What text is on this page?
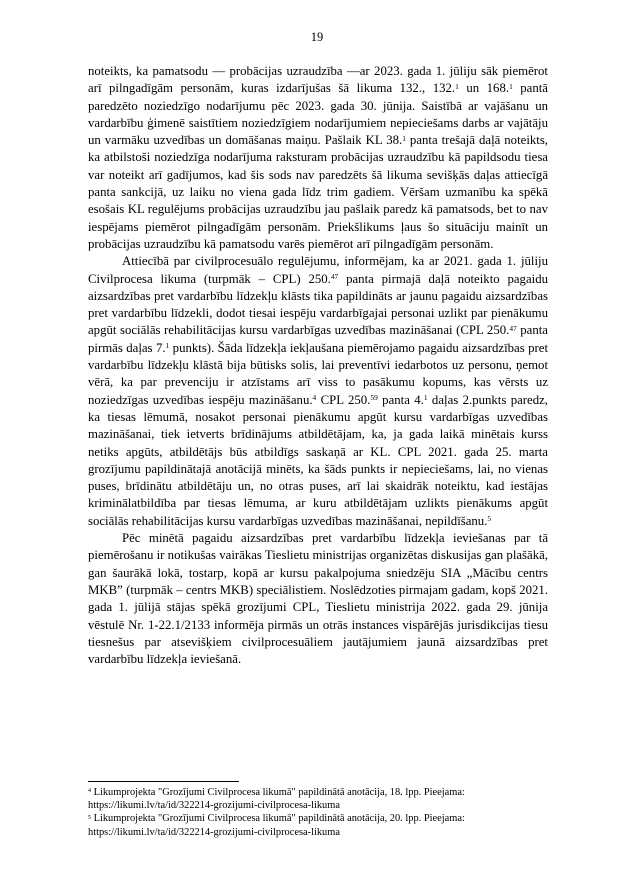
19

noteikts, ka pamatsodu — probācijas uzraudzība —ar 2023. gada 1. jūliju sāk piemērot arī pilngadīgām personām, kuras izdarījušas šā likuma 132., 132.$^1$ un 168.$^1$ pantā paredzēto noziedzīgo nodarījumu pēc 2023. gada 30. jūnija. Saistībā ar vajāšanu un vardarbību ģimenē saistītiem noziedzīgiem nodarījumiem nepieciešams darbs ar vajātāju un varmāku uzvedības un domāšanas maiņu. Pašlaik KL 38.$^1$ panta trešajā daļā noteikts, ka atbilstoši noziedzīga nodarījuma raksturam probācijas uzraudzību kā papildsodu tiesa var noteikt arī gadījumos, kad šis sods nav paredzēts šā likuma sevišķās daļas attiecīgā panta sankcijā, uz laiku no viena gada līdz trim gadiem. Vēršam uzmanību ka spēkā esošais KL regulējums probācijas uzraudzību jau pašlaik paredz kā pamatsods, bet to nav iespējams piemērot pilngadīgām personām. Priekšlikums ļaus šo situāciju mainīt un probācijas uzraudzību kā pamatsodu varēs piemērot arī pilngadīgām personām.

Attiecībā par civilprocesuālo regulējumu, informējam, ka ar 2021. gada 1. jūliju Civilprocesa likuma (turpmāk – CPL) 250.47 panta pirmajā daļā noteikto pagaidu aizsardzības pret vardarbību līdzekļu klāsts tika papildināts ar jaunu pagaidu aizsardzības pret vardarbību līdzekli, dodot tiesai iespēju vardarbīgajai personai uzlikt par pienākumu apgūt sociālās rehabilitācijas kursu vardarbīgas uzvedības mazināšanai (CPL 250.47 panta pirmās daļas 7.$^1$ punkts). Šāda līdzekļa iekļaušana piemērojamo pagaidu aizsardzības pret vardarbību līdzekļu klāstā bija būtisks solis, lai preventīvi iedarbotos uz personu, ņemot vērā, ka par prevenciju ir atzīstams arī viss to pasākumu kopums, kas vērsts uz noziedzīgas uzvedības iespēju mazināšanu.$^4$ CPL 250.59 panta 4.$^1$ daļas 2.punkts paredz, ka tiesas lēmumā, nosakot personai pienākumu apgūt kursu vardarbīgas uzvedības mazināšanai, tiek ietverts brīdinājums atbildētājam, ka, ja gada laikā minētais kurss netiks apgūts, atbildētājs būs atbildīgs saskaņā ar KL. CPL 2021. gada 25. marta grozījumu papildinātajā anotācijā minēts, ka šāds punkts ir nepieciešams, lai, no vienas puses, brīdinātu atbildētāju un, no otras puses, arī lai skaidrāk noteiktu, kad iestājas kriminālatbildība par tiesas lēmuma, ar kuru atbildētājam uzlikts pienākums apgūt sociālās rehabilitācijas kursu vardarbīgas uzvedības mazināšanai, nepildīšanu.$^5$

Pēc minētā pagaidu aizsardzības pret vardarbību līdzekļa ieviešanas par tā piemērošanu ir notikušas vairākas Tieslietu ministrijas organizētas diskusijas gan plašākā, gan šaurākā lokā, tostarp, kopā ar kursu pakalpojuma sniedzēju SIA „Mācību centrs MKB” (turpmāk – centrs MKB) speciālistiem. Noslēdzoties pirmajam gadam, kopš 2021. gada 1. jūlijā stājas spēkā grozījumi CPL, Tieslietu ministrija 2022. gada 29. jūnija vēstulē Nr. 1-22.1/2133 informēja pirmās un otrās instances vispārējās jurisdikcijas tiesu tiesnešus par atsevišķiem civilprocesuāliem jautājumiem jaunā aizsardzības pret vardarbību līdzekļa ieviešanā.

$^4$ Likumprojekta "Grozījumi Civilprocesa likumā" papildinātā anotācija, 18. lpp. Pieejama:

https://likumi.lv/ta/id/322214-grozijumi-civilprocesa-likuma

$^5$ Likumprojekta "Grozījumi Civilprocesa likumā" papildinātā anotācija, 20. lpp. Pieejama:

https://likumi.lv/ta/id/322214-grozijumi-civilprocesa-likuma
